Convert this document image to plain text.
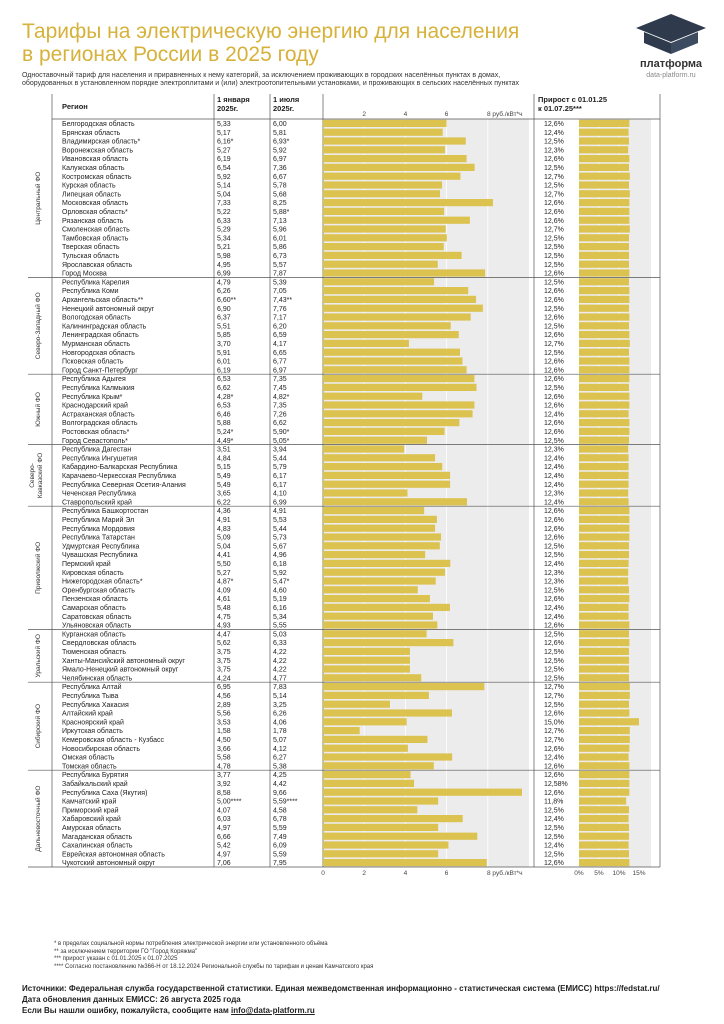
Тарифы на электрическую энергию для населения
в регионах России в 2025 году

Одноставочный тариф для населения и приравненных к нему категорий, за исключением проживающих в городских населённых пунктах в домах,
оборудованных в установленном порядке электроплитами и (или) электроотопительными установками, и проживающих в сельских населённых пунктах

платформа
data-platform.ru
Регион
1 января
2025г.
1 июля
2025г.
Прирост с 01.01.25
к 01.07.25***
2	4	6	8 руб./кВт*ч
0	2	4	6	8 руб./кВт*ч	0% 5% 10% 15%
Белгородская область	5,33	6,00	12,6%
Брянская область	5,17	5,81	12,4%
Владимирская область*	6,16*	6,93*	12,5%
Воронежская область	5,27	5,92	12,3%
Ивановская область	6,19	6,97	12,6%
Калужская область	6,54	7,36	12,5%
Костромская область	5,92	6,67	12,7%
Курская область	5,14	5,78	12,5%
Липецкая область	5,04	5,68	12,7%
Московская область	7,33	8,25	12,6%
Орловская область*	5,22	5,88*	12,6%
Рязанская область	6,33	7,13	12,6%
Смоленская область	5,29	5,96	12,7%
Тамбовская область	5,34	6,01	12,5%
Тверская область	5,21	5,86	12,5%
Тульская область	5,98	6,73	12,5%
Ярославская область	4,95	5,57	12,5%
Город Москва	6,99	7,87	12,6%
Центральный ФО
Республика Карелия	4,79	5,39	12,5%
Республика Коми	6,26	7,05	12,6%
Архангельская область**	6,60**	7,43**	12,6%
Ненецкий автономный округ	6,90	7,76	12,5%
Вологодская область	6,37	7,17	12,6%
Калининградская область	5,51	6,20	12,5%
Ленинградская область	5,85	6,59	12,6%
Мурманская область	3,70	4,17	12,7%
Новгородская область	5,91	6,65	12,5%
Псковская область	6,01	6,77	12,6%
Город Санкт-Петербург	6,19	6,97	12,6%
Северо-Западный ФО
Республика Адыгея	6,53	7,35	12,6%
Республика Калмыкия	6,62	7,45	12,5%
Республика Крым*	4,28*	4,82*	12,6%
Краснодарский край	6,53	7,35	12,6%
Астраханская область	6,46	7,26	12,4%
Волгоградская область	5,88	6,62	12,6%
Ростовская область*	5,24*	5,90*	12,6%
Город Севастополь*	4,49*	5,05*	12,5%
Южный ФО
Республика Дагестан	3,51	3,94	12,3%
Республика Ингушетия	4,84	5,44	12,4%
Кабардино-Балкарская Республика	5,15	5,79	12,4%
Карачаево-Черкесская Республика	5,49	6,17	12,4%
Республика Северная Осетия-Алания	5,49	6,17	12,4%
Чеченская Республика	3,65	4,10	12,3%
Ставропольский край	6,22	6,99	12,4%
Северо- Кавказский ФО
Республика Башкортостан	4,36	4,91	12,6%
Республика Марий Эл	4,91	5,53	12,6%
Республика Мордовия	4,83	5,44	12,6%
Республика Татарстан	5,09	5,73	12,6%
Удмуртская Республика	5,04	5,67	12,5%
Чувашская Республика	4,41	4,96	12,5%
Пермский край	5,50	6,18	12,4%
Кировская область	5,27	5,92	12,3%
Нижегородская область*	4,87*	5,47*	12,3%
Оренбургская область	4,09	4,60	12,5%
Пензенская область	4,61	5,19	12,6%
Самарская область	5,48	6,16	12,4%
Саратовская область	4,75	5,34	12,4%
Ульяновская область	4,93	5,55	12,6%
Приволжский ФО
Курганская область	4,47	5,03	12,5%
Свердловская область	5,62	6,33	12,6%
Тюменская область	3,75	4,22	12,5%
Ханты-Мансийский автономный округ	3,75	4,22	12,5%
Ямало-Ненецкий автономный округ	3,75	4,22	12,5%
Челябинская область	4,24	4,77	12,5%
Уральский ФО
Республика Алтай	6,95	7,83	12,7%
Республика Тыва	4,56	5,14	12,7%
Республика Хакасия	2,89	3,25	12,5%
Алтайский край	5,56	6,26	12,6%
Красноярский край	3,53	4,06	15,0%
Иркутская область	1,58	1,78	12,7%
Кемеровская область - Кузбасс	4,50	5,07	12,7%
Новосибирская область	3,66	4,12	12,6%
Омская область	5,58	6,27	12,4%
Томская область	4,78	5,38	12,6%
Сибирский ФО
Республика Бурятия	3,77	4,25	12,6%
Забайкальский край	3,92	4,42	12,58%
Республика Саха (Якутия)	8,58	9,66	12,6%
Камчатский край	5,00****	5,59****	11,8%
Приморский край	4,07	4,58	12,5%
Хабаровский край	6,03	6,78	12,4%
Амурская область	4,97	5,59	12,5%
Магаданская область	6,66	7,49	12,5%
Сахалинская область	5,42	6,09	12,4%
Еврейская автономная область	4,97	5,59	12,5%
Чукотский автономный округ	7,06	7,95	12,6%
Дальневосточный ФО
* в пределах социальной нормы потребления электрической энергии или установленного объёма
** за исключением территории ГО "Город Коряжма"
*** прирост указан с 01.01.2025 к 01.07.2025
**** Согласно постановлению №366-Н от 18.12.2024 Региональной службы по тарифам и ценам Камчатского края
Источники: Федеральная служба государственной статистики. Единая межведомственная информационно - статистическая система (ЕМИСС) https://fedstat.ru/
Дата обновления данных ЕМИСС: 26 августа 2025 года
Если Вы нашли ошибку, пожалуйста, сообщите нам info@data-platform.ru
